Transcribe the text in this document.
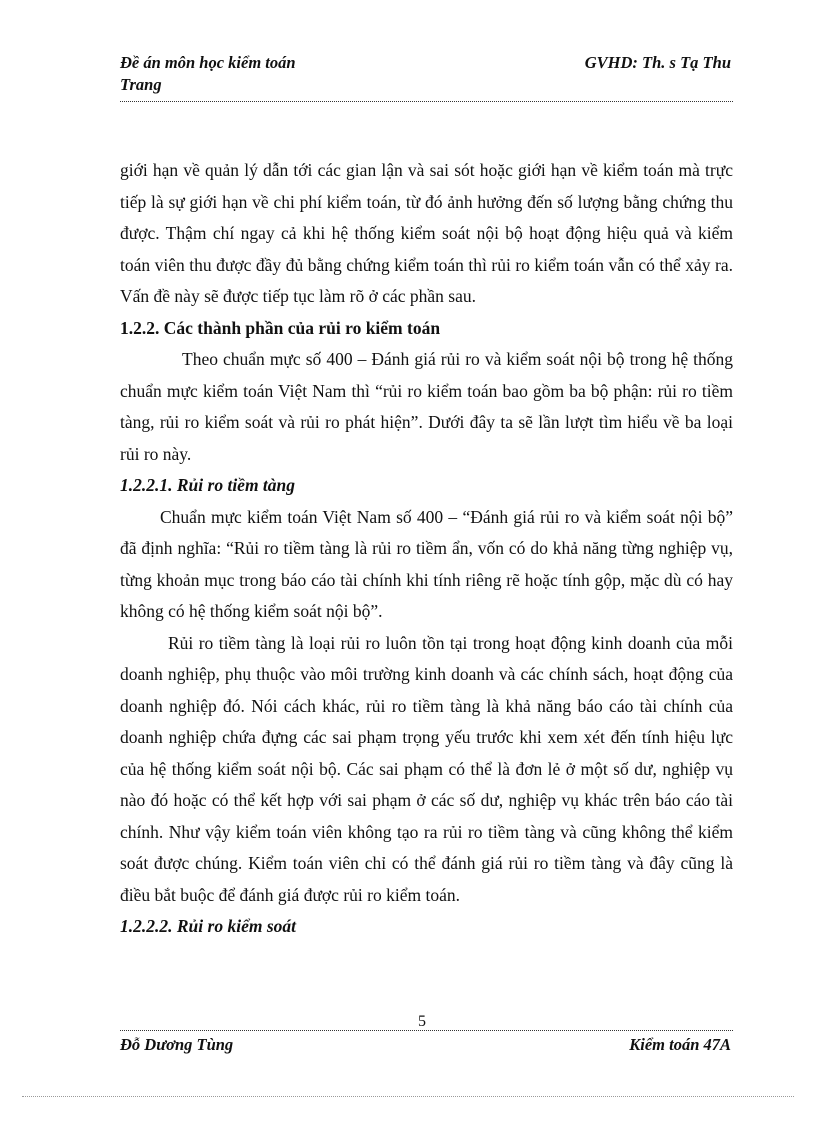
Đề án môn học kiểm toán	GVHD: Th. s Tạ Thu
Trang

giới hạn về quản lý dẫn tới các gian lận và sai sót hoặc giới hạn về kiểm toán mà trực tiếp là sự giới hạn về chi phí kiểm toán, từ đó ảnh hưởng đến số lượng bằng chứng thu được. Thậm chí ngay cả khi hệ thống kiểm soát nội bộ hoạt động hiệu quả và kiểm toán viên thu được đầy đủ bằng chứng kiểm toán thì rủi ro kiểm toán vẫn có thể xảy ra. Vấn đề này sẽ được tiếp tục làm rõ ở các phần sau.

1.2.2. Các thành phần của rủi ro kiểm toán

Theo chuẩn mực số 400 – Đánh giá rủi ro và kiểm soát nội bộ trong hệ thống chuẩn mực kiểm toán Việt Nam thì “rủi ro kiểm toán bao gồm ba bộ phận: rủi ro tiềm tàng, rủi ro kiểm soát và rủi ro phát hiện”. Dưới đây ta sẽ lần lượt tìm hiểu về ba loại rủi ro này.

1.2.2.1. Rủi ro tiềm tàng

Chuẩn mực kiểm toán Việt Nam số 400 – “Đánh giá rủi ro và kiểm soát nội bộ” đã định nghĩa: “Rủi ro tiềm tàng là rủi ro tiềm ẩn, vốn có do khả năng từng nghiệp vụ, từng khoản mục trong báo cáo tài chính khi tính riêng rẽ hoặc tính gộp, mặc dù có hay không có hệ thống kiểm soát nội bộ”.

Rủi ro tiềm tàng là loại rủi ro luôn tồn tại trong hoạt động kinh doanh của mỗi doanh nghiệp, phụ thuộc vào môi trường kinh doanh và các chính sách, hoạt động của doanh nghiệp đó. Nói cách khác, rủi ro tiềm tàng là khả năng báo cáo tài chính của doanh nghiệp chứa đựng các sai phạm trọng yếu trước khi xem xét đến tính hiệu lực của hệ thống kiểm soát nội bộ. Các sai phạm có thể là đơn lẻ ở một số dư, nghiệp vụ nào đó hoặc có thể kết hợp với sai phạm ở các số dư, nghiệp vụ khác trên báo cáo tài chính. Như vậy kiểm toán viên không tạo ra rủi ro tiềm tàng và cũng không thể kiểm soát được chúng. Kiểm toán viên chỉ có thể đánh giá rủi ro tiềm tàng và đây cũng là điều bắt buộc để đánh giá được rủi ro kiểm toán.

1.2.2.2. Rủi ro kiểm soát

5
Đỗ Dương Tùng	Kiểm toán 47A
